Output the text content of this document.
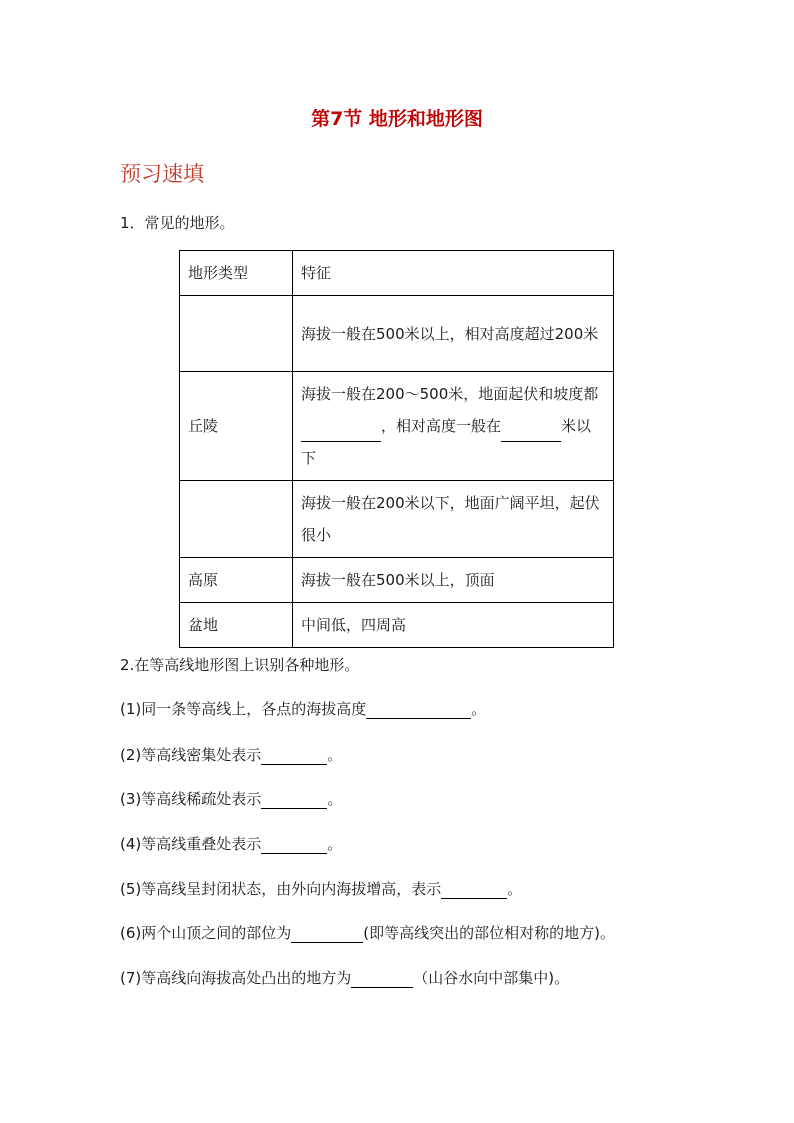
第7节 地形和地形图
预习速填
1．常见的地形。
地形类型	特征
	海拔一般在500米以上，相对高度超过200米
丘陵	海拔一般在200～500米，地面起伏和坡度都，相对高度一般在 米以下
	海拔一般在200米以下，地面广阔平坦，起伏很小
高原	海拔一般在500米以上，顶面
盆地	中间低，四周高
2.在等高线地形图上识别各种地形。
(1)同一条等高线上，各点的海拔高度	。
(2)等高线密集处表示	。
(3)等高线稀疏处表示	。
(4)等高线重叠处表示	。
(5)等高线呈封闭状态，由外向内海拔增高，表示	。
(6)两个山顶之间的部位为	(即等高线突出的部位相对称的地方)。
(7)等高线向海拔高处凸出的地方为	（山谷水向中部集中)。
